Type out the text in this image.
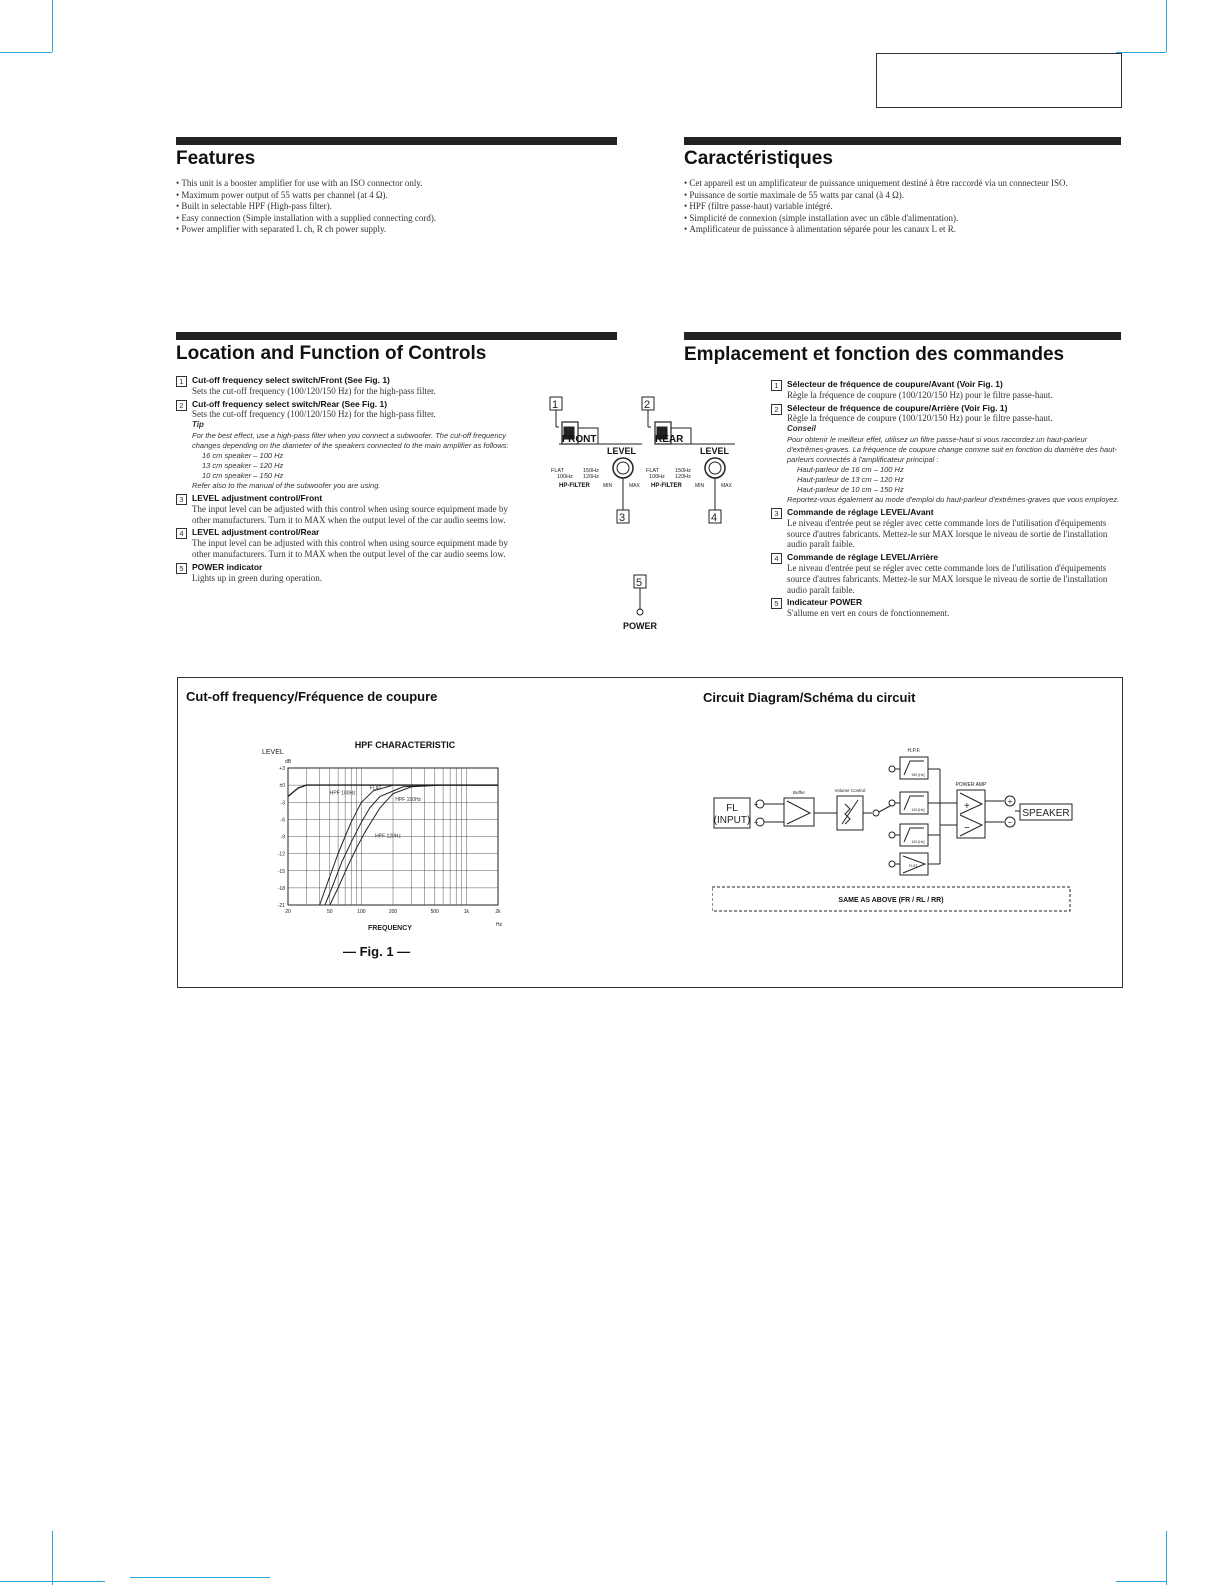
Features
• This unit is a booster amplifier for use with an ISO connector only.
• Maximum power output of 55 watts per channel (at 4 Ω).
• Built in selectable HPF (High-pass filter).
• Easy connection (Simple installation with a supplied connecting cord).
• Power amplifier with separated L ch, R ch power supply.
Caractéristiques
• Cet appareil est un amplificateur de puissance uniquement destiné à être raccordé via un connecteur ISO.
• Puissance de sortie maximale de 55 watts par canal (à 4 Ω).
• HPF (filtre passe-haut) variable intégré.
• Simplicité de connexion (simple installation avec un câble d'alimentation).
• Amplificateur de puissance à alimentation séparée pour les canaux L et R.
Location and Function of Controls
1 Cut-off frequency select switch/Front (See Fig. 1)
Sets the cut-off frequency (100/120/150 Hz) for the high-pass filter.
2 Cut-off frequency select switch/Rear (See Fig. 1)
Sets the cut-off frequency (100/120/150 Hz) for the high-pass filter.
Tip
For the best effect, use a high-pass filter when you connect a subwoofer. The cut-off frequency changes depending on the diameter of the speakers connected to the main amplifier as follows:
16 cm speaker – 100 Hz
13 cm speaker – 120 Hz
10 cm speaker – 150 Hz
Refer also to the manual of the subwoofer you are using.
3 LEVEL adjustment control/Front
The input level can be adjusted with this control when using source equipment made by other manufacturers. Turn it to MAX when the output level of the car audio seems low.
4 LEVEL adjustment control/Rear
The input level can be adjusted with this control when using source equipment made by other manufacturers. Turn it to MAX when the output level of the car audio seems low.
5 POWER indicator
Lights up in green during operation.
Emplacement et fonction des commandes
1 Sélecteur de fréquence de coupure/Avant (Voir Fig. 1)
Règle la fréquence de coupure (100/120/150 Hz) pour le filtre passe-haut.
2 Sélecteur de fréquence de coupure/Arrière (Voir Fig. 1)
Règle la fréquence de coupure (100/120/150 Hz) pour le filtre passe-haut.
Conseil
Pour obtenir le meilleur effet, utilisez un filtre passe-haut si vous raccordez un haut-parleur d'extrêmes-graves. La fréquence de coupure change comme suit en fonction du diamètre des haut-parleurs connectés à l'amplificateur principal :
Haut-parleur de 16 cm – 100 Hz
Haut-parleur de 13 cm – 120 Hz
Haut-parleur de 10 cm – 150 Hz
Reportez-vous également au mode d'emploi du haut-parleur d'extrêmes-graves que vous employez.
3 Commande de réglage LEVEL/Avant
Le niveau d'entrée peut se régler avec cette commande lors de l'utilisation d'équipements source d'autres fabricants. Mettez-le sur MAX lorsque le niveau de sortie de l'installation audio paraît faible.
4 Commande de réglage LEVEL/Arrière
Le niveau d'entrée peut se régler avec cette commande lors de l'utilisation d'équipements source d'autres fabricants. Mettez-le sur MAX lorsque le niveau de sortie de l'installation audio paraît faible.
5 Indicateur POWER
S'allume en vert en cours de fonctionnement.
1	2
3	4
5
FRONT	REAR
LEVEL	LEVEL
FLAT
100Hz
150Hz
120Hz
FLAT
100Hz
150Hz
120Hz
HP-FILTER	HP-FILTER
MIN	MAX	MIN	MAX
POWER
Cut-off frequency/Fréquence de coupure	Circuit Diagram/Schéma du circuit
HPF CHARACTERISTIC
LEVEL
dB
Hz
FREQUENCY
20	50	100	200	500	1k	2k
+3
±0
-3
-6
-9
-12
-15
-18
-21
FLAT
HPF 100Hz
HPF 120Hz
HPF 150Hz
— Fig. 1 —
+
−
+
−
+
−
FL
(INPUT)
SPEAKER
Buffer	Volume Control
H.P.F.
POWER AMP
150 [Hz]
120 [Hz]
100 [Hz]
FLAT
SAME AS ABOVE (FR / RL / RR)
